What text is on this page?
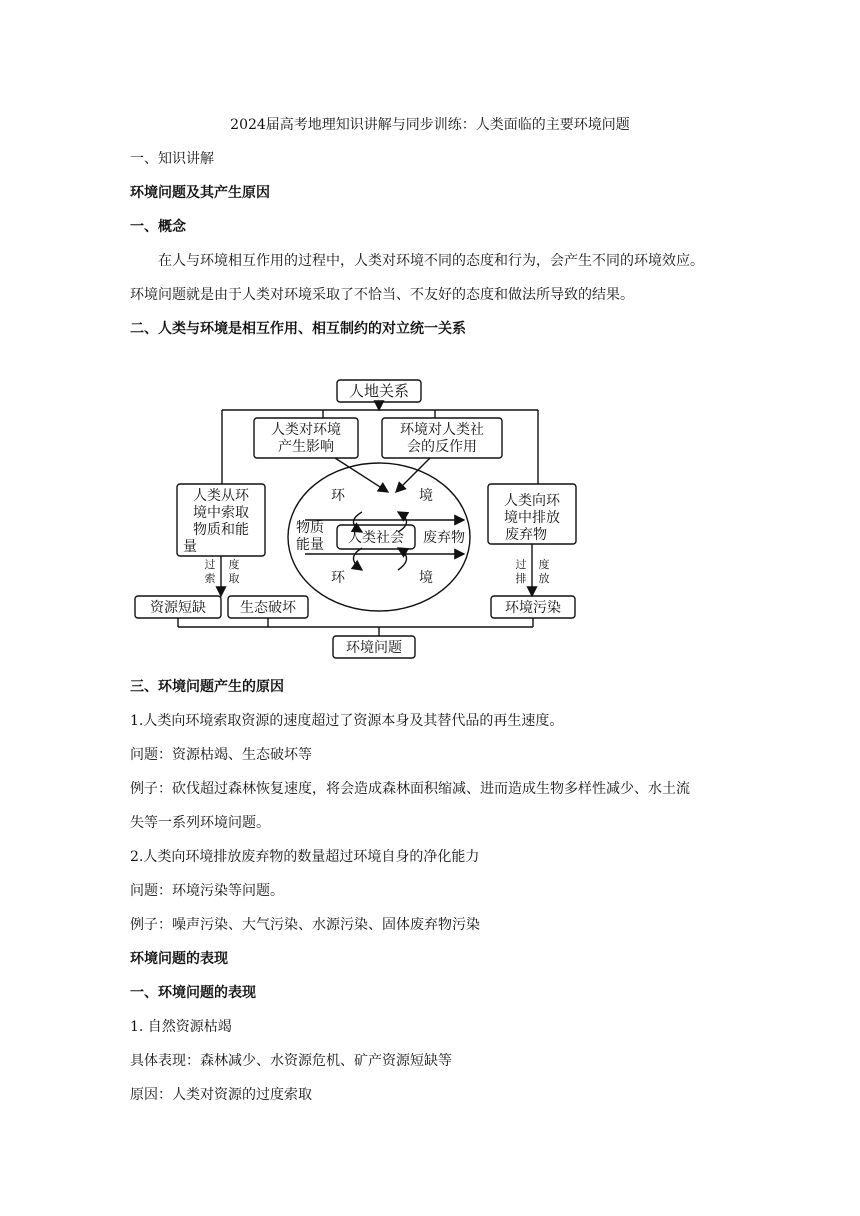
2024届高考地理知识讲解与同步训练：人类面临的主要环境问题
一、知识讲解
环境问题及其产生原因
一、概念
在人与环境相互作用的过程中，人类对环境不同的态度和行为，会产生不同的环境效应。
环境问题就是由于人类对环境采取了不恰当、不友好的态度和做法所导致的结果。
二、人类与环境是相互作用、相互制约的对立统一关系
人地关系
人类对环境
产生影响
环境对人类社
会的反作用
人类从环
境中索取
物质和能
量
人类向环
境中排放
废弃物
环	境
环	境
物质
能量 人类社会 废弃物
过
索
度
取
过
排
度
放
资源短缺 生态破坏	环境污染
环境问题
三、环境问题产生的原因
1.人类向环境索取资源的速度超过了资源本身及其替代品的再生速度。
问题：资源枯竭、生态破坏等
例子：砍伐超过森林恢复速度，将会造成森林面积缩减、进而造成生物多样性减少、水土流
失等一系列环境问题。
2.人类向环境排放废弃物的数量超过环境自身的净化能力
问题：环境污染等问题。
例子：噪声污染、大气污染、水源污染、固体废弃物污染
环境问题的表现
一、环境问题的表现
1. 自然资源枯竭
具体表现：森林减少、水资源危机、矿产资源短缺等
原因：人类对资源的过度索取
